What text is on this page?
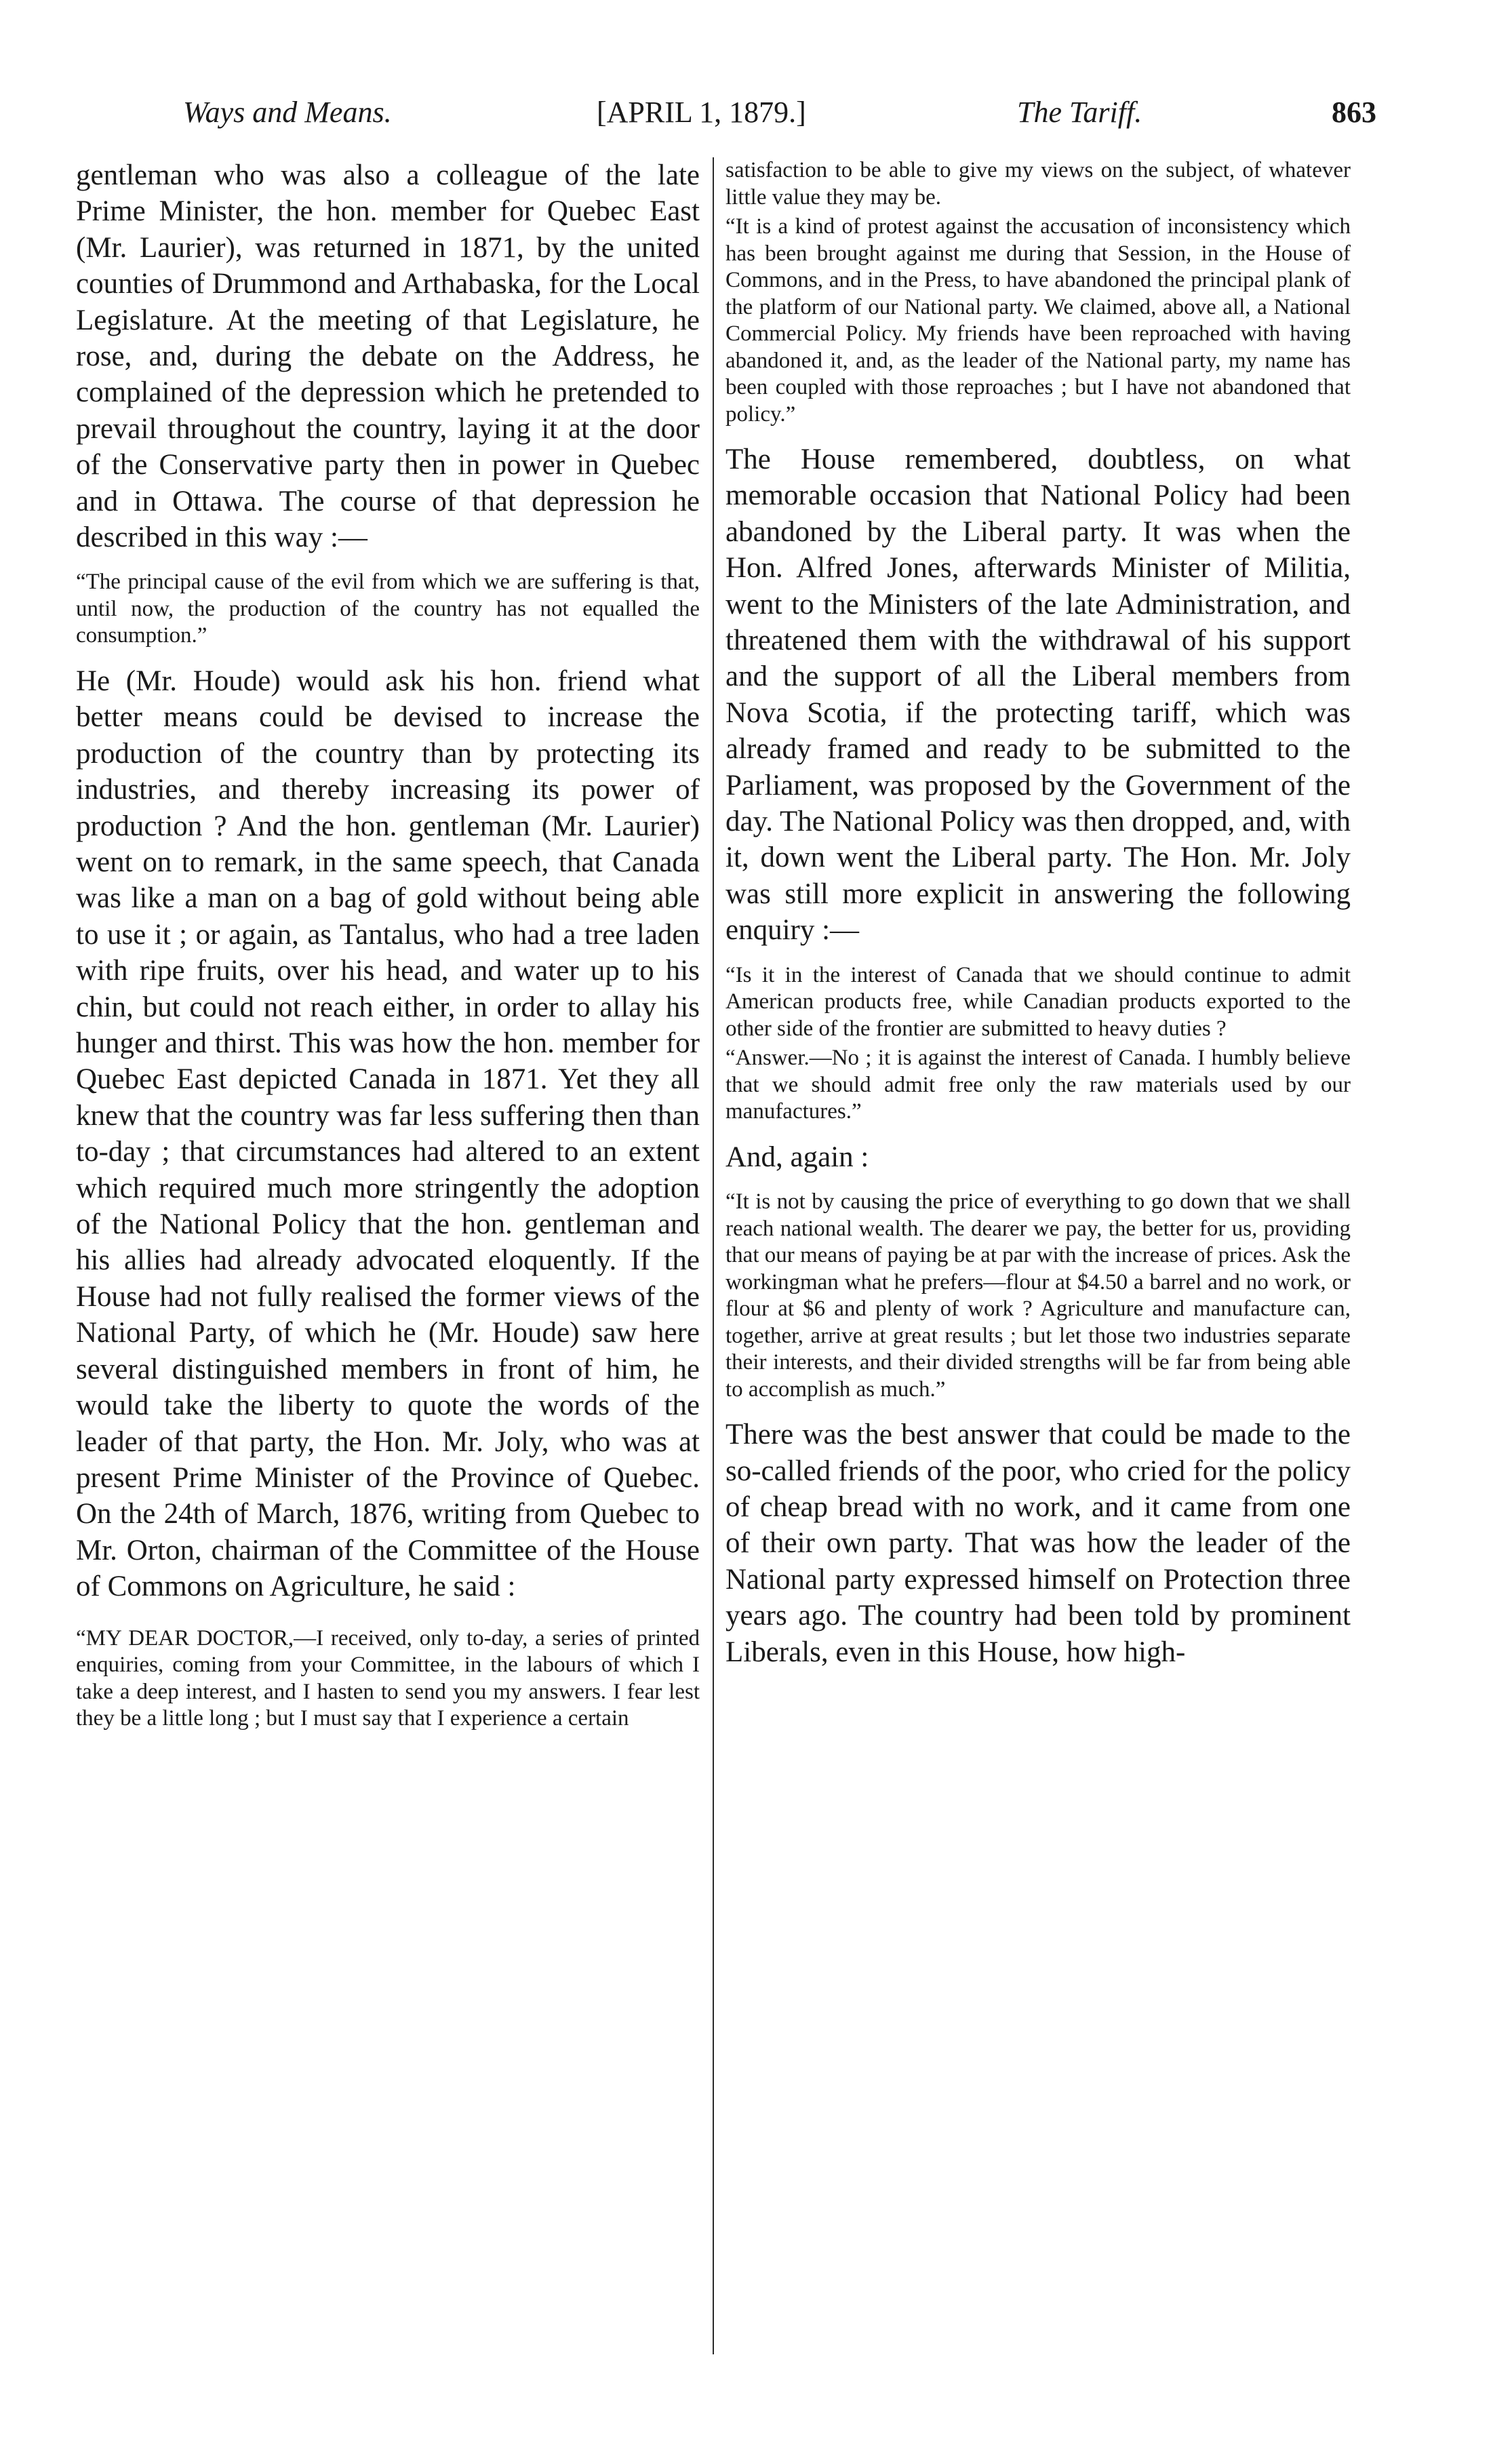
Ways and Means.	[APRIL 1, 1879.]	The Tariff.	863

gentleman who was also a colleague of the late Prime Minister, the hon. member for Quebec East (Mr. Laurier), was returned in 1871, by the united counties of Drummond and Arthabaska, for the Local Legislature. At the meeting of that Legislature, he rose, and, during the debate on the Address, he complained of the depression which he pretended to prevail throughout the country, laying it at the door of the Conservative party then in power in Quebec and in Ottawa. The course of that depression he described in this way :—

“The principal cause of the evil from which we are suffering is that, until now, the production of the country has not equalled the consumption.”

He (Mr. Houde) would ask his hon. friend what better means could be devised to increase the production of the country than by protecting its industries, and thereby increasing its power of production ? And the hon. gentleman (Mr. Laurier) went on to remark, in the same speech, that Canada was like a man on a bag of gold without being able to use it ; or again, as Tantalus, who had a tree laden with ripe fruits, over his head, and water up to his chin, but could not reach either, in order to allay his hunger and thirst. This was how the hon. member for Quebec East depicted Canada in 1871. Yet they all knew that the country was far less suffering then than to-day ; that circumstances had altered to an extent which required much more stringently the adoption of the National Policy that the hon. gentleman and his allies had already advocated eloquently. If the House had not fully realised the former views of the National Party, of which he (Mr. Houde) saw here several distinguished members in front of him, he would take the liberty to quote the words of the leader of that party, the Hon. Mr. Joly, who was at present Prime Minister of the Province of Quebec. On the 24th of March, 1876, writing from Quebec to Mr. Orton, chairman of the Committee of the House of Commons on Agriculture, he said :

“MY DEAR DOCTOR,—I received, only to-day, a series of printed enquiries, coming from your Committee, in the labours of which I take a deep interest, and I hasten to send you my answers. I fear lest they be a little long ; but I must say that I experience a certain

satisfaction to be able to give my views on the subject, of whatever little value they may be.

“It is a kind of protest against the accusation of inconsistency which has been brought against me during that Session, in the House of Commons, and in the Press, to have abandoned the principal plank of the platform of our National party. We claimed, above all, a National Commercial Policy. My friends have been reproached with having abandoned it, and, as the leader of the National party, my name has been coupled with those reproaches ; but I have not abandoned that policy.”

The House remembered, doubtless, on what memorable occasion that National Policy had been abandoned by the Liberal party. It was when the Hon. Alfred Jones, afterwards Minister of Militia, went to the Ministers of the late Administration, and threatened them with the withdrawal of his support and the support of all the Liberal members from Nova Scotia, if the protecting tariff, which was already framed and ready to be submitted to the Parliament, was proposed by the Government of the day. The National Policy was then dropped, and, with it, down went the Liberal party. The Hon. Mr. Joly was still more explicit in answering the following enquiry :—

“Is it in the interest of Canada that we should continue to admit American products free, while Canadian products exported to the other side of the frontier are submitted to heavy duties ?

“Answer.—No ; it is against the interest of Canada. I humbly believe that we should admit free only the raw materials used by our manufactures.”

And, again :

“It is not by causing the price of everything to go down that we shall reach national wealth. The dearer we pay, the better for us, providing that our means of paying be at par with the increase of prices. Ask the workingman what he prefers—flour at $4.50 a barrel and no work, or flour at $6 and plenty of work ? Agriculture and manufacture can, together, arrive at great results ; but let those two industries separate their interests, and their divided strengths will be far from being able to accomplish as much.”

There was the best answer that could be made to the so-called friends of the poor, who cried for the policy of cheap bread with no work, and it came from one of their own party. That was how the leader of the National party expressed himself on Protection three years ago. The country had been told by prominent Liberals, even in this House, how high-
